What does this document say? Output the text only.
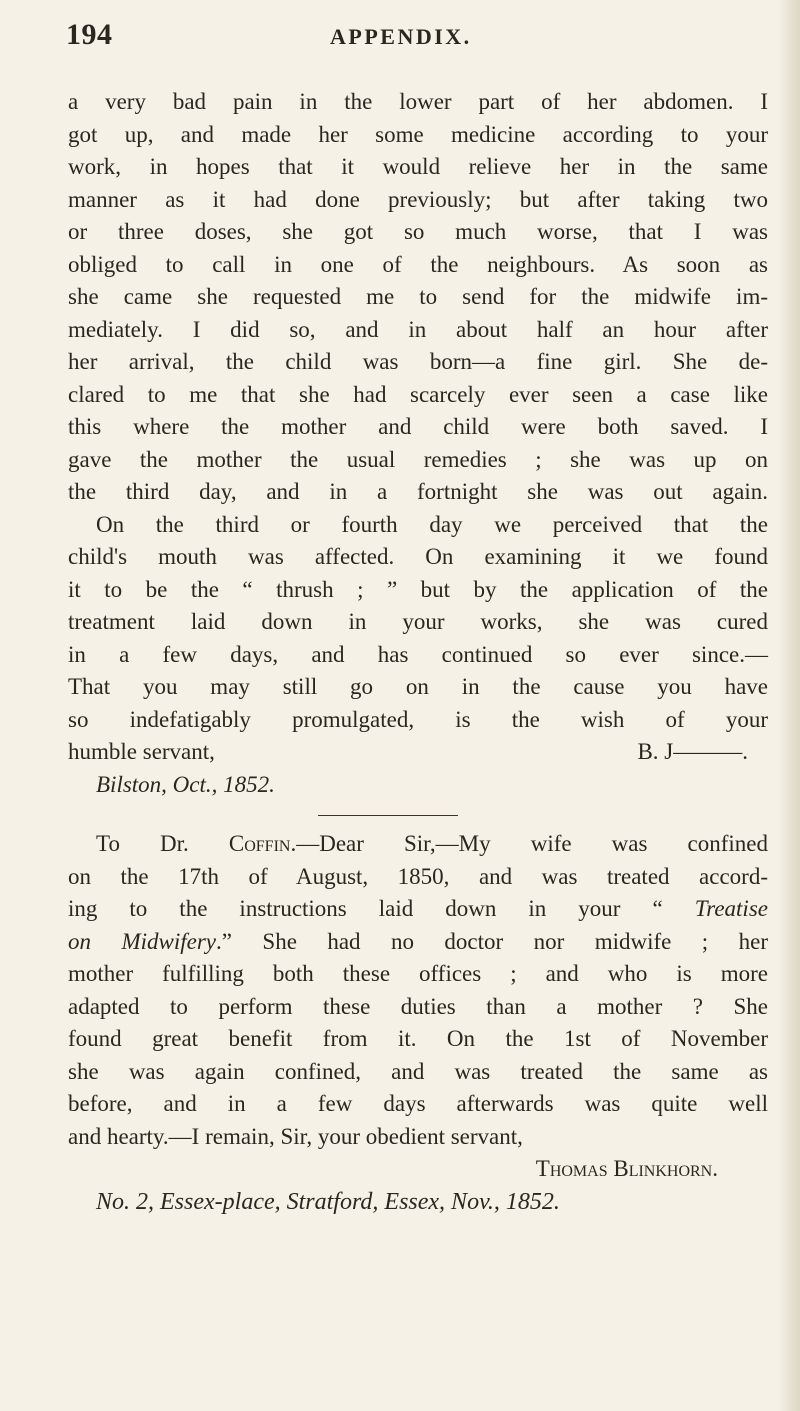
194	APPENDIX.
a very bad pain in the lower part of her abdomen. I
got up, and made her some medicine according to your
work, in hopes that it would relieve her in the same
manner as it had done previously; but after taking two
or three doses, she got so much worse, that I was
obliged to call in one of the neighbours. As soon as
she came she requested me to send for the midwife im-
mediately. I did so, and in about half an hour after
her arrival, the child was born—a fine girl. She de-
clared to me that she had scarcely ever seen a case like
this where the mother and child were both saved. I
gave the mother the usual remedies ; she was up on
the third day, and in a fortnight she was out again.
On the third or fourth day we perceived that the
child's mouth was affected. On examining it we found
it to be the “ thrush ; ” but by the application of the
treatment laid down in your works, she was cured
in a few days, and has continued so ever since.—
That you may still go on in the cause you have
so indefatigably promulgated, is the wish of your
humble servant,	B. J———.
Bilston, Oct., 1852.
To Dr. Coffin.—Dear Sir,—My wife was confined
on the 17th of August, 1850, and was treated accord-
ing to the instructions laid down in your “ Treatise
on Midwifery.” She had no doctor nor midwife ; her
mother fulfilling both these offices ; and who is more
adapted to perform these duties than a mother ? She
found great benefit from it. On the 1st of November
she was again confined, and was treated the same as
before, and in a few days afterwards was quite well
and hearty.—I remain, Sir, your obedient servant,
Thomas Blinkhorn.
No. 2, Essex-place, Stratford, Essex, Nov., 1852.
